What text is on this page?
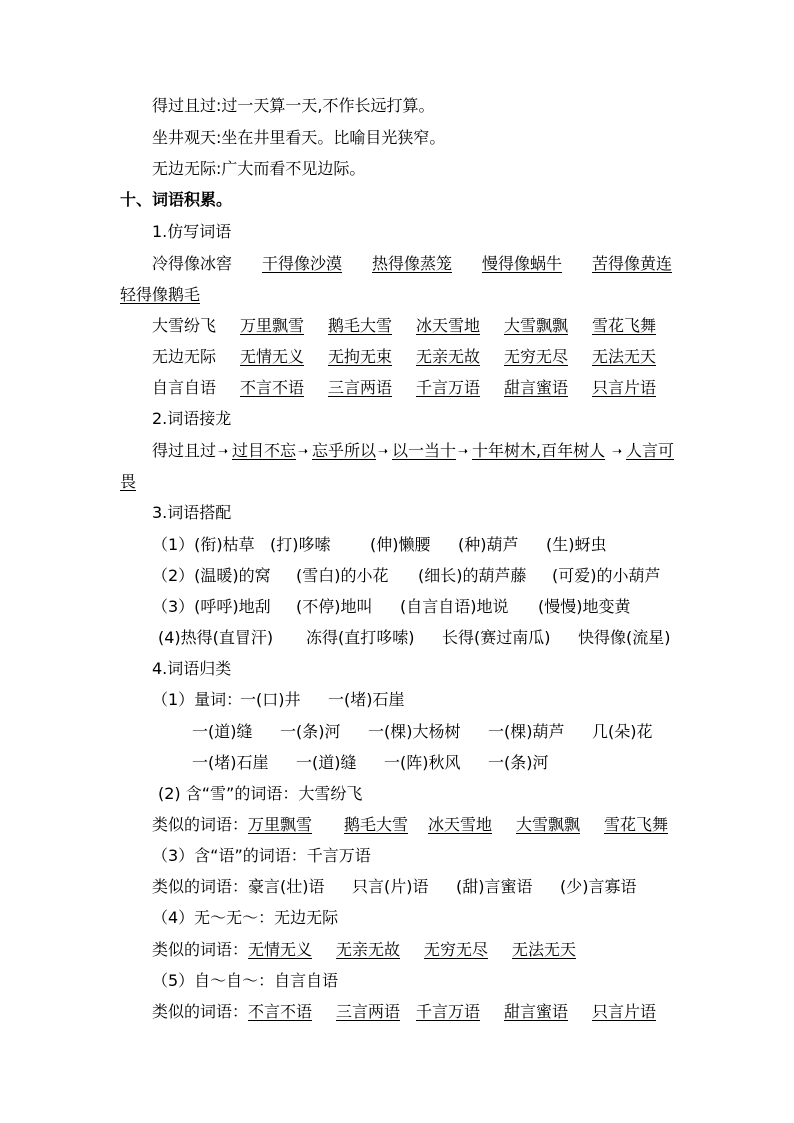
得过且过:过一天算一天,不作长远打算。
坐井观天:坐在井里看天。比喻目光狭窄。
无边无际:广大而看不见边际。
十、词语积累。
1.仿写词语
冷得像冰窖 干得像沙漠 热得像蒸笼 慢得像蜗牛 苦得像黄连
轻得像鹅毛
大雪纷飞 万里飘雪 鹅毛大雪 冰天雪地 大雪飘飘 雪花飞舞
无边无际 无情无义 无拘无束 无亲无故 无穷无尽 无法无天
自言自语 不言不语 三言两语 千言万语 甜言蜜语 只言片语
2.词语接龙
得过且过 ➝ 过目不忘 ➝ 忘乎所以 ➝ 以一当十 ➝ 十年树木,百年树人 ➝ 人言可
畏
3.词语搭配
（1）(衔)枯草 (打)哆嗦 (伸)懒腰 (种)葫芦 (生)蚜虫
（2）(温暖)的窝 (雪白)的小花 (细长)的葫芦藤 (可爱)的小葫芦
（3）(呼呼)地刮 (不停)地叫 (自言自语)地说 (慢慢)地变黄
(4)热得(直冒汗) 冻得(直打哆嗦) 长得(赛过南瓜) 快得像(流星)
4.词语归类
（1）量词：
一(口)井 一(堵)石崖
一(道)缝 一(条)河 一(棵)大杨树 一(棵)葫芦 几(朵)花
一(堵)石崖 一(道)缝 一(阵)秋风 一(条)河
(2) 含“雪”的词语：大雪纷飞
类似的词语： 万里飘雪 鹅毛大雪 冰天雪地 大雪飘飘 雪花飞舞
（3）含“语”的词语：千言万语
类似的词语： 豪言(壮)语 只言(片)语 (甜)言蜜语 (少)言寡语
（4）无～无～：无边无际
类似的词语： 无情无义 无亲无故 无穷无尽 无法无天
（5）自～自～：自言自语
类似的词语： 不言不语 三言两语 千言万语 甜言蜜语 只言片语
